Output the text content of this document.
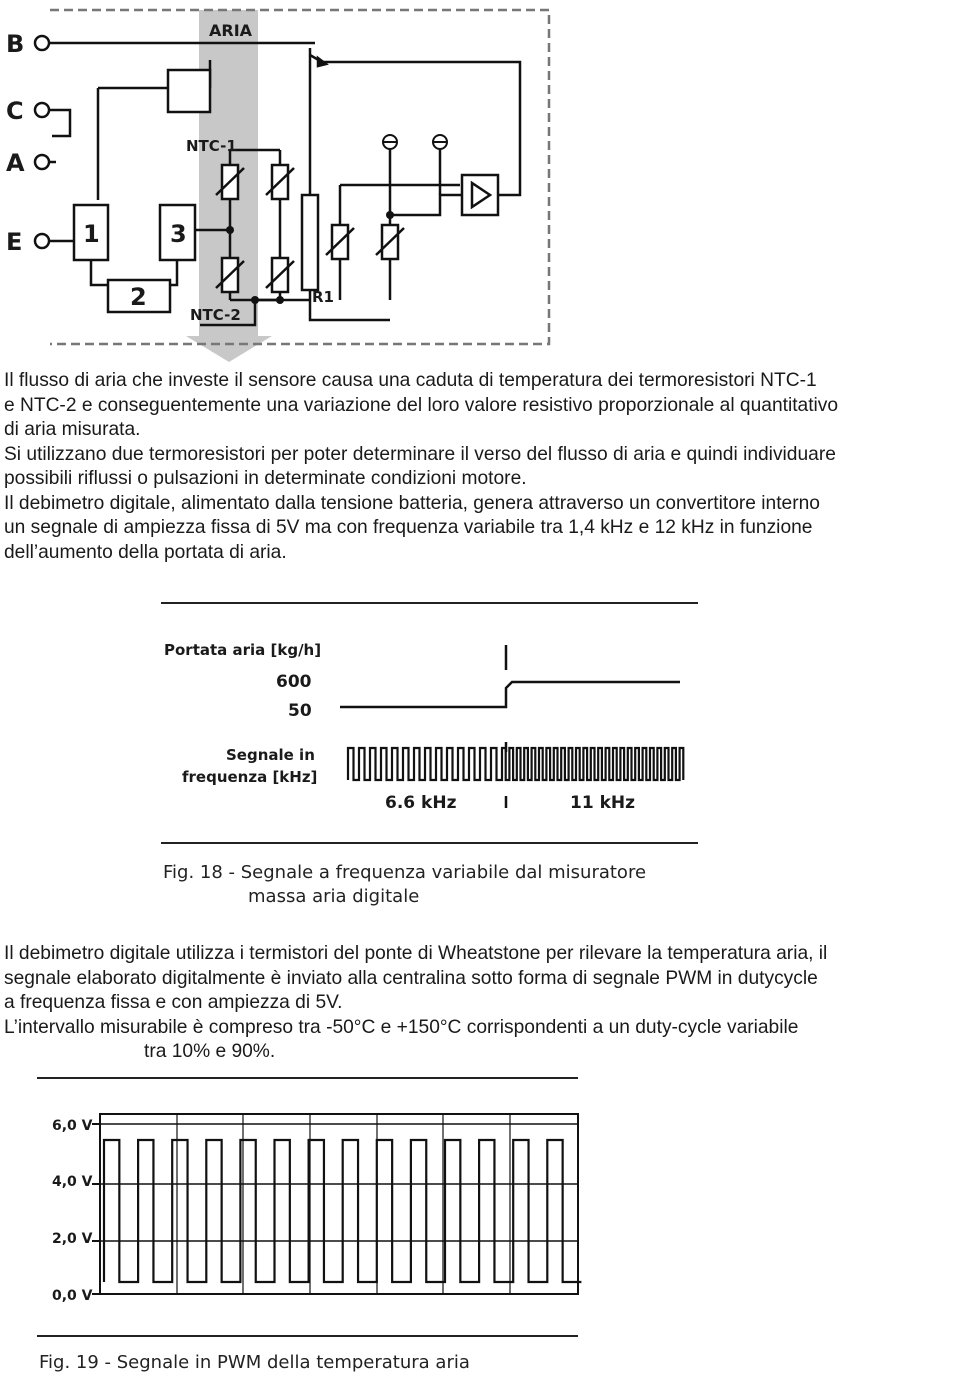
B
C
A
E
ARIA
1	3
2
NTC-1
NTC-2
R1

Il flusso di aria che investe il sensore causa una caduta di temperatura dei termoresistori NTC-1
e NTC-2 e conseguentemente una variazione del loro valore resistivo proporzionale al quantitativo
di aria misurata.
Si utilizzano due termoresistori per poter determinare il verso del flusso di aria e quindi individuare
possibili riflussi o pulsazioni in determinate condizioni motore.
Il debimetro digitale, alimentato dalla tensione batteria, genera attraverso un convertitore interno
un segnale di ampiezza fissa di 5V ma con frequenza variabile tra 1,4 kHz e 12 kHz in funzione
dell’aumento della portata di aria.

Portata aria [kg/h]
600
50
Segnale in
frequenza [kHz]
6.6 kHz	11 kHz
Fig. 18 - Segnale a frequenza variabile dal misuratore
massa aria digitale

Il debimetro digitale utilizza i termistori del ponte di Wheatstone per rilevare la temperatura aria, il
segnale elaborato digitalmente è inviato alla centralina sotto forma di segnale PWM in dutycycle
a frequenza fissa e con ampiezza di 5V.
L’intervallo misurabile è compreso tra -50°C e +150°C corrispondenti a un duty-cycle variabile
tra 10% e 90%.

6,0 V
4,0 V
2,0 V
0,0 V
Fig. 19 - Segnale in PWM della temperatura aria
